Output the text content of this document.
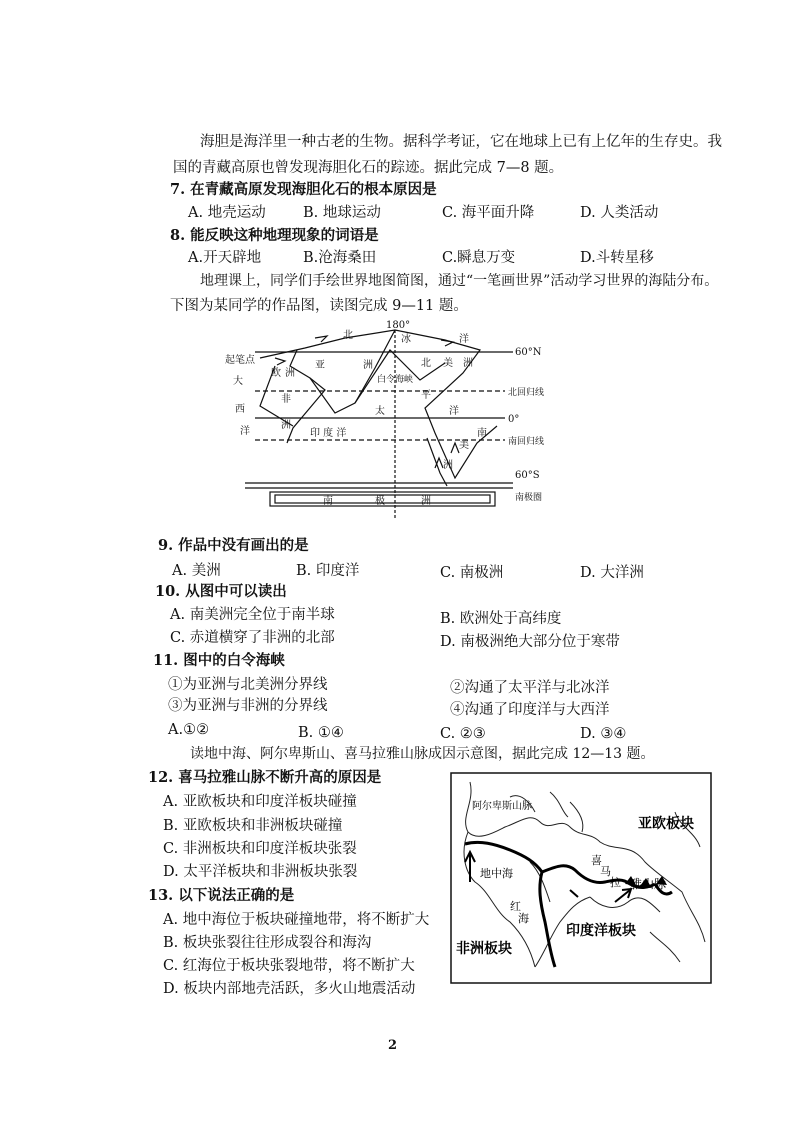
海胆是海洋里一种古老的生物。据科学考证，它在地球上已有上亿年的生存史。我
国的青藏高原也曾发现海胆化石的踪迹。据此完成 7—8 题。
7. 在青藏高原发现海胆化石的根本原因是
A. 地壳运动	B. 地球运动	C. 海平面升降	D. 人类活动
8. 能反映这种地理现象的词语是
A.开天辟地	B.沧海桑田	C.瞬息万变	D.斗转星移
地理课上，同学们手绘世界地图简图，通过“一笔画世界”活动学习世界的海陆分布。
下图为某同学的作品图，读图完成 9—11 题。
180°
60°N
北回归线
0°
南回归线
60°S
南极圈
起笔点
北	冰	洋
欧 洲
亚	洲	北 美 洲
白令海峡
大
西
洋
非
洲
印 度 洋
太
平
洋
南
美
洲
南	极	洲
9. 作品中没有画出的是
A. 美洲	B. 印度洋	C. 南极洲	D. 大洋洲
10. 从图中可以读出
A. 南美洲完全位于南半球	B. 欧洲处于高纬度
C. 赤道横穿了非洲的北部	D. 南极洲绝大部分位于寒带
11. 图中的白令海峡
①为亚洲与北美洲分界线	②沟通了太平洋与北冰洋
③为亚洲与非洲的分界线	④沟通了印度洋与大西洋
A.①②	B. ①④	C. ②③	D. ③④
读地中海、阿尔卑斯山、喜马拉雅山脉成因示意图，据此完成 12—13 题。
12. 喜马拉雅山脉不断升高的原因是
A. 亚欧板块和印度洋板块碰撞
B. 亚欧板块和非洲板块碰撞
C. 非洲板块和印度洋板块张裂
D. 太平洋板块和非洲板块张裂
13. 以下说法正确的是
A. 地中海位于板块碰撞地带，将不断扩大
B. 板块张裂往往形成裂谷和海沟
C. 红海位于板块张裂地带，将不断扩大
D. 板块内部地壳活跃，多火山地震活动
阿尔卑斯山脉
亚欧板块
地中海
喜
马
拉 雅山脉
红
海
印度洋板块
非洲板块
2
